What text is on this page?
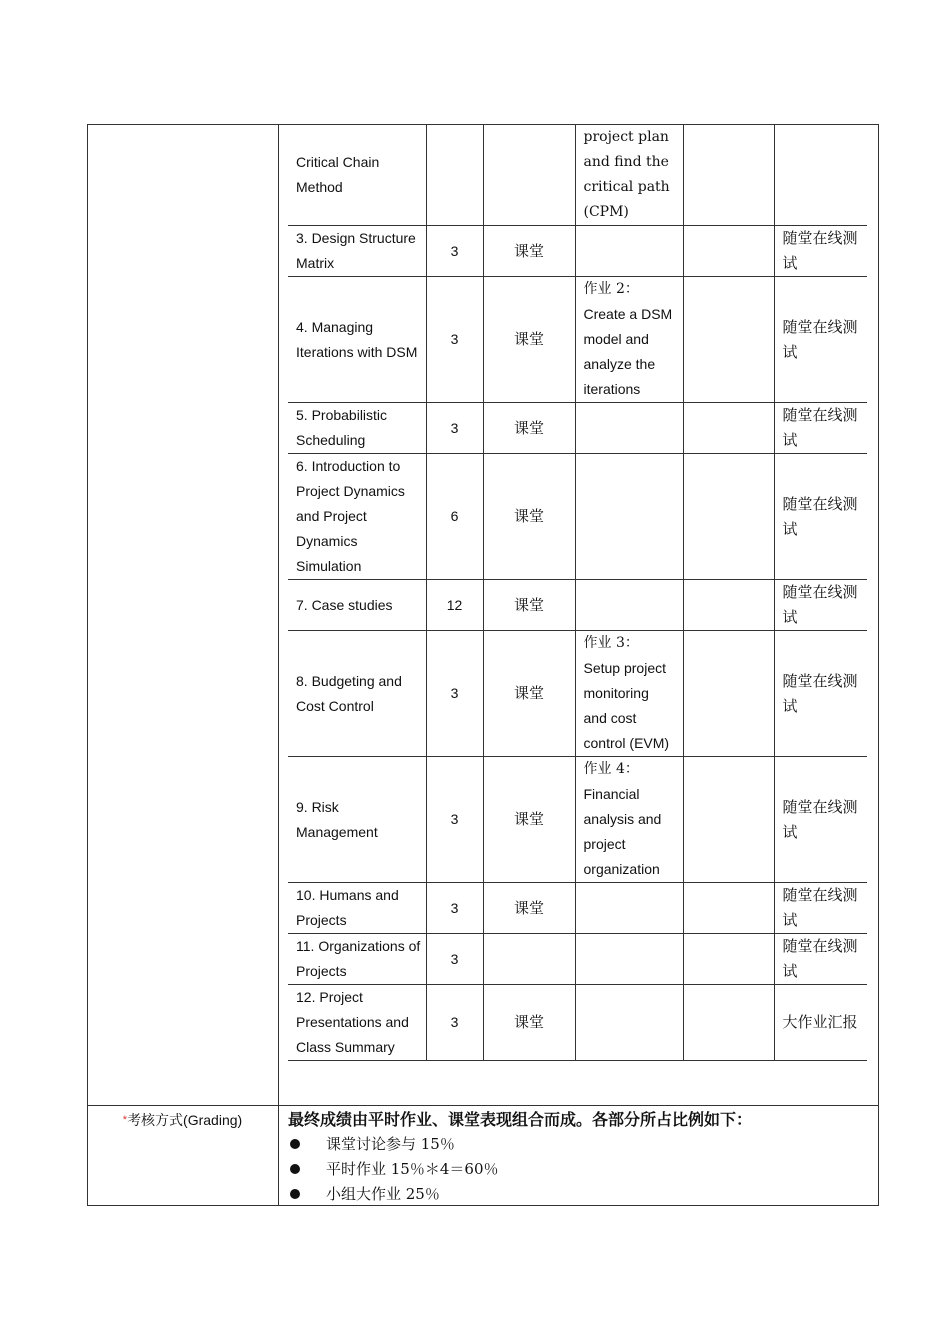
Critical Chain Method			project plan
and find the
critical path
(CPM)		

3. Design Structure Matrix	3	课堂			随堂在线测试
4. Managing Iterations with DSM	3	课堂	作业 2：
Create a DSM
model and
analyze the
iterations		随堂在线测试
5. Probabilistic Scheduling	3	课堂			随堂在线测试
6. Introduction to Project Dynamics and Project Dynamics Simulation	6	课堂			随堂在线测试
7. Case studies	12	课堂			随堂在线测试
8. Budgeting and Cost Control	3	课堂	作业 3：
Setup project
monitoring
and cost
control (EVM)		随堂在线测试
9. Risk Management	3	课堂	作业 4：
Financial
analysis and
project
organization		随堂在线测试
10. Humans and Projects	3	课堂			随堂在线测试
11. Organizations of Projects	3				随堂在线测试
12. Project Presentations and Class Summary	3	课堂			大作业汇报
*考核方式(Grading)	最终成绩由平时作业、课堂表现组合而成。各部分所占比例如下：
课堂讨论参与 15％
平时作业 15％＊4＝60％
小组大作业 25％
